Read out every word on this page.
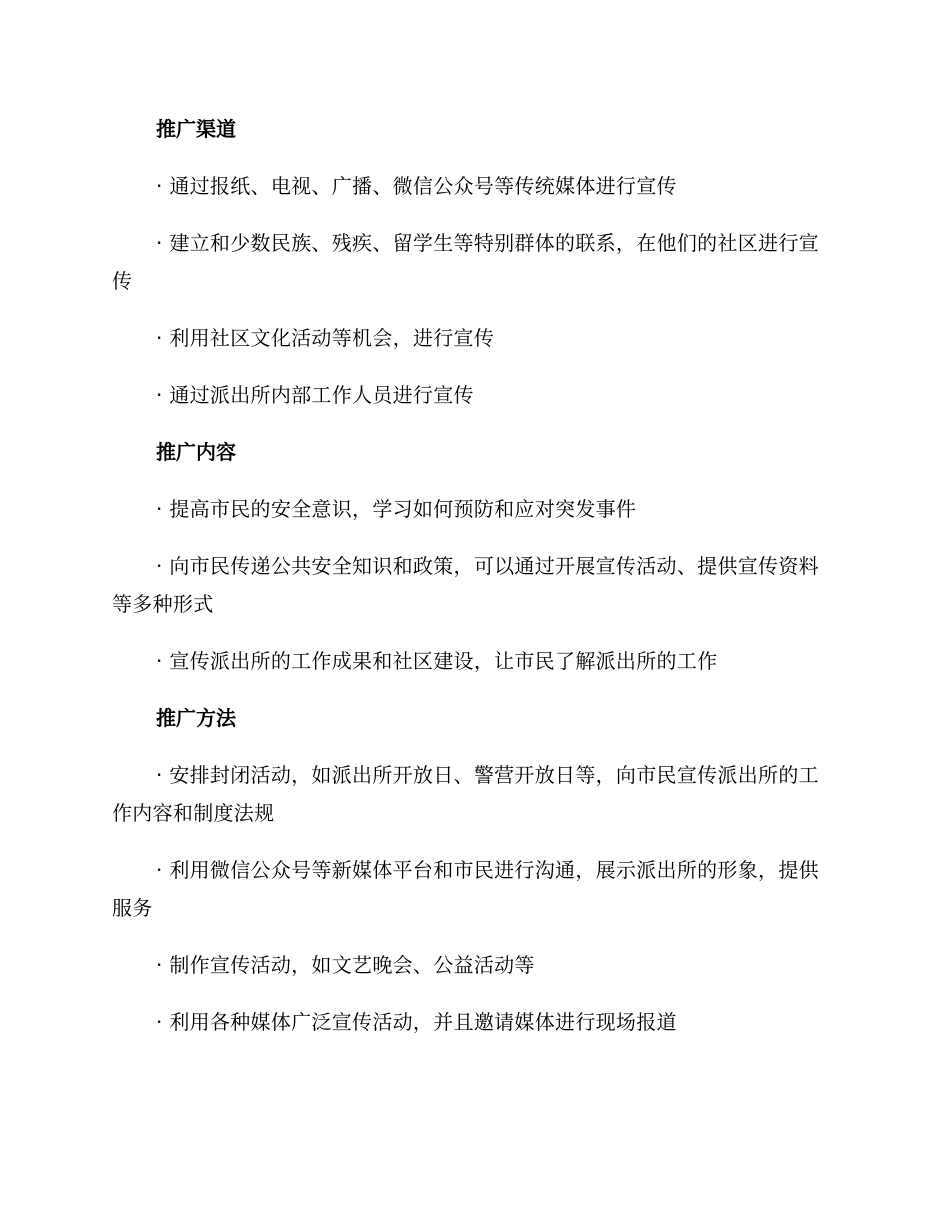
推广渠道

· 通过报纸、电视、广播、微信公众号等传统媒体进行宣传

· 建立和少数民族、残疾、留学生等特别群体的联系，在他们的社区进行宣传

· 利用社区文化活动等机会，进行宣传

· 通过派出所内部工作人员进行宣传

推广内容

· 提高市民的安全意识，学习如何预防和应对突发事件

· 向市民传递公共安全知识和政策，可以通过开展宣传活动、提供宣传资料等多种形式

· 宣传派出所的工作成果和社区建设，让市民了解派出所的工作

推广方法

· 安排封闭活动，如派出所开放日、警营开放日等，向市民宣传派出所的工作内容和制度法规

· 利用微信公众号等新媒体平台和市民进行沟通，展示派出所的形象，提供服务

· 制作宣传活动，如文艺晚会、公益活动等

· 利用各种媒体广泛宣传活动，并且邀请媒体进行现场报道
